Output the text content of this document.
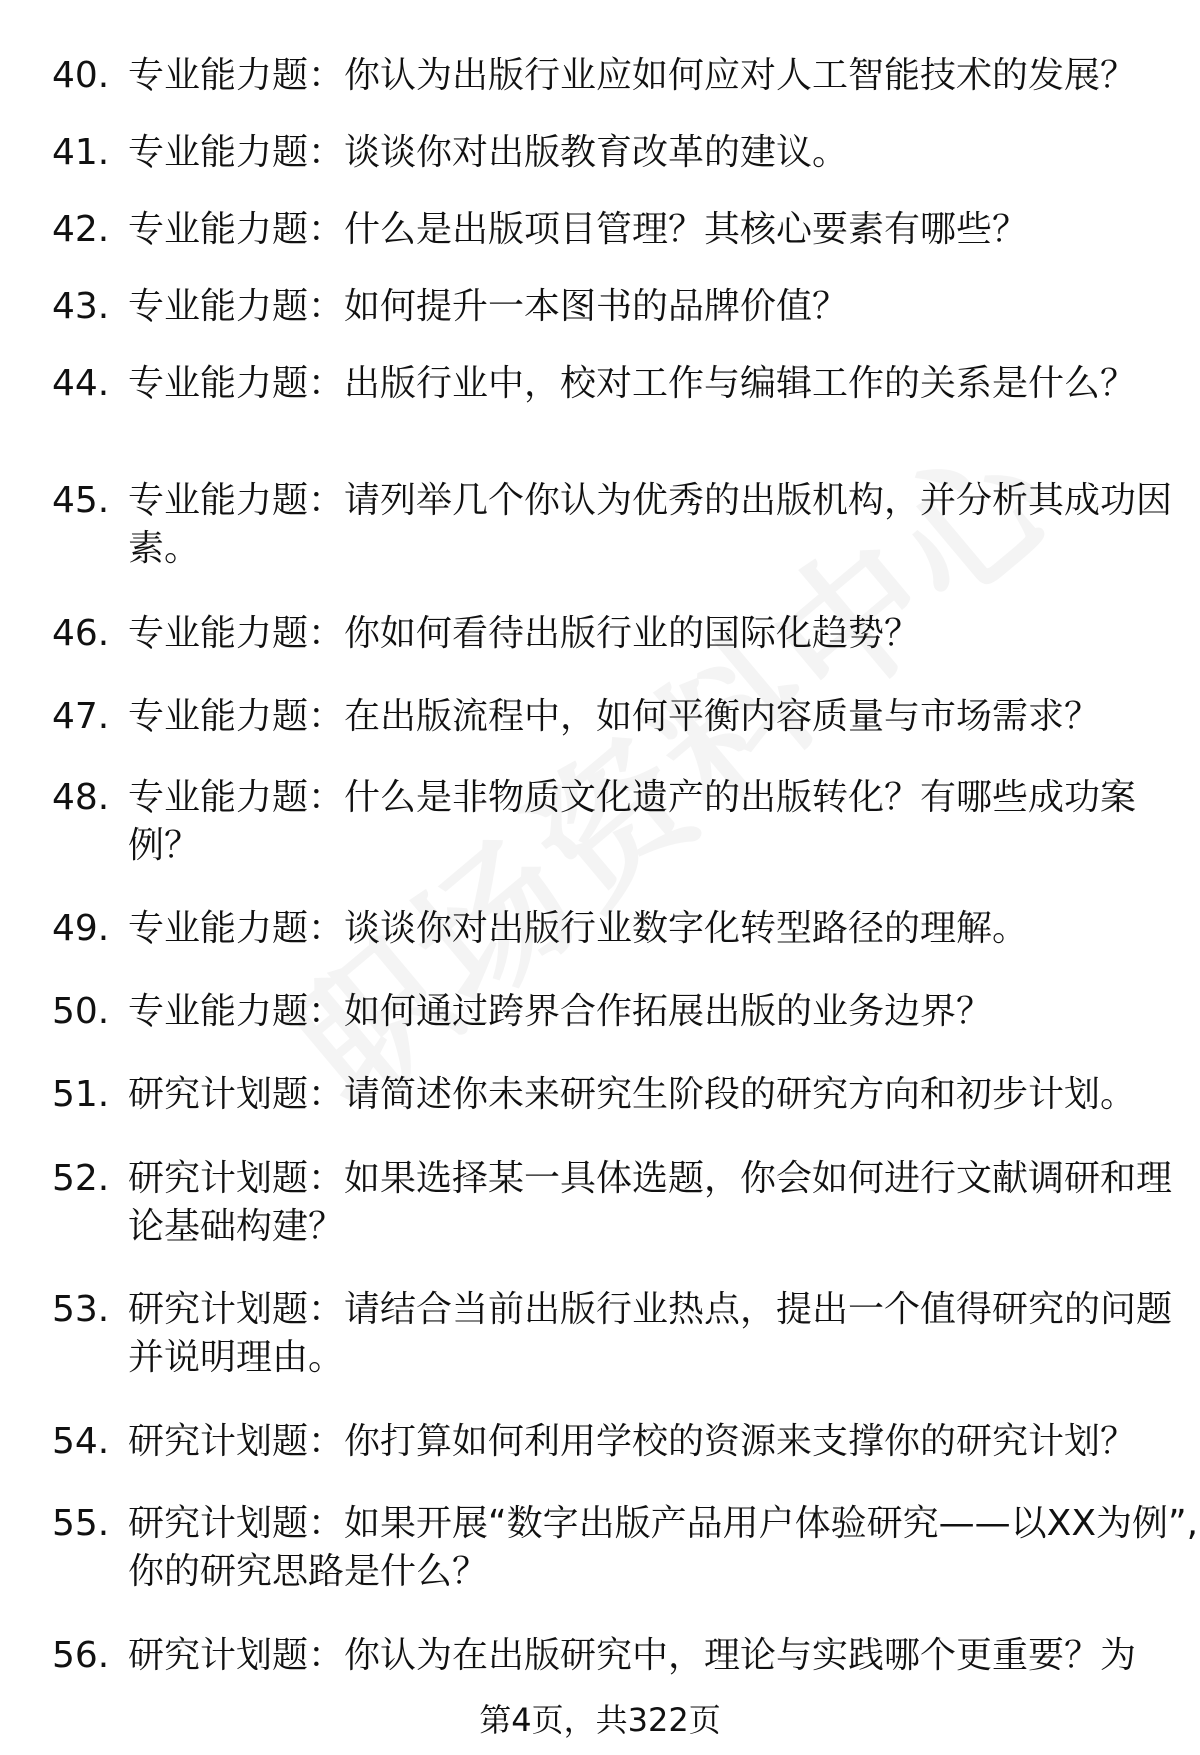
40. 专业能力题：你认为出版行业应如何应对人工智能技术的发展？
41. 专业能力题：谈谈你对出版教育改革的建议。
42. 专业能力题：什么是出版项目管理？其核心要素有哪些？
43. 专业能力题：如何提升一本图书的品牌价值？
44. 专业能力题：出版行业中，校对工作与编辑工作的关系是什么？
45. 专业能力题：请列举几个你认为优秀的出版机构，并分析其成功因素。
46. 专业能力题：你如何看待出版行业的国际化趋势？
47. 专业能力题：在出版流程中，如何平衡内容质量与市场需求？
48. 专业能力题：什么是非物质文化遗产的出版转化？有哪些成功案例？
49. 专业能力题：谈谈你对出版行业数字化转型路径的理解。
50. 专业能力题：如何通过跨界合作拓展出版的业务边界？
51. 研究计划题：请简述你未来研究生阶段的研究方向和初步计划。
52. 研究计划题：如果选择某一具体选题，你会如何进行文献调研和理论基础构建？
53. 研究计划题：请结合当前出版行业热点，提出一个值得研究的问题并说明理由。
54. 研究计划题：你打算如何利用学校的资源来支撑你的研究计划？
55. 研究计划题：如果开展“数字出版产品用户体验研究——以XX为例”,你的研究思路是什么？
56. 研究计划题：你认为在出版研究中，理论与实践哪个更重要？为
第4页，共322页
